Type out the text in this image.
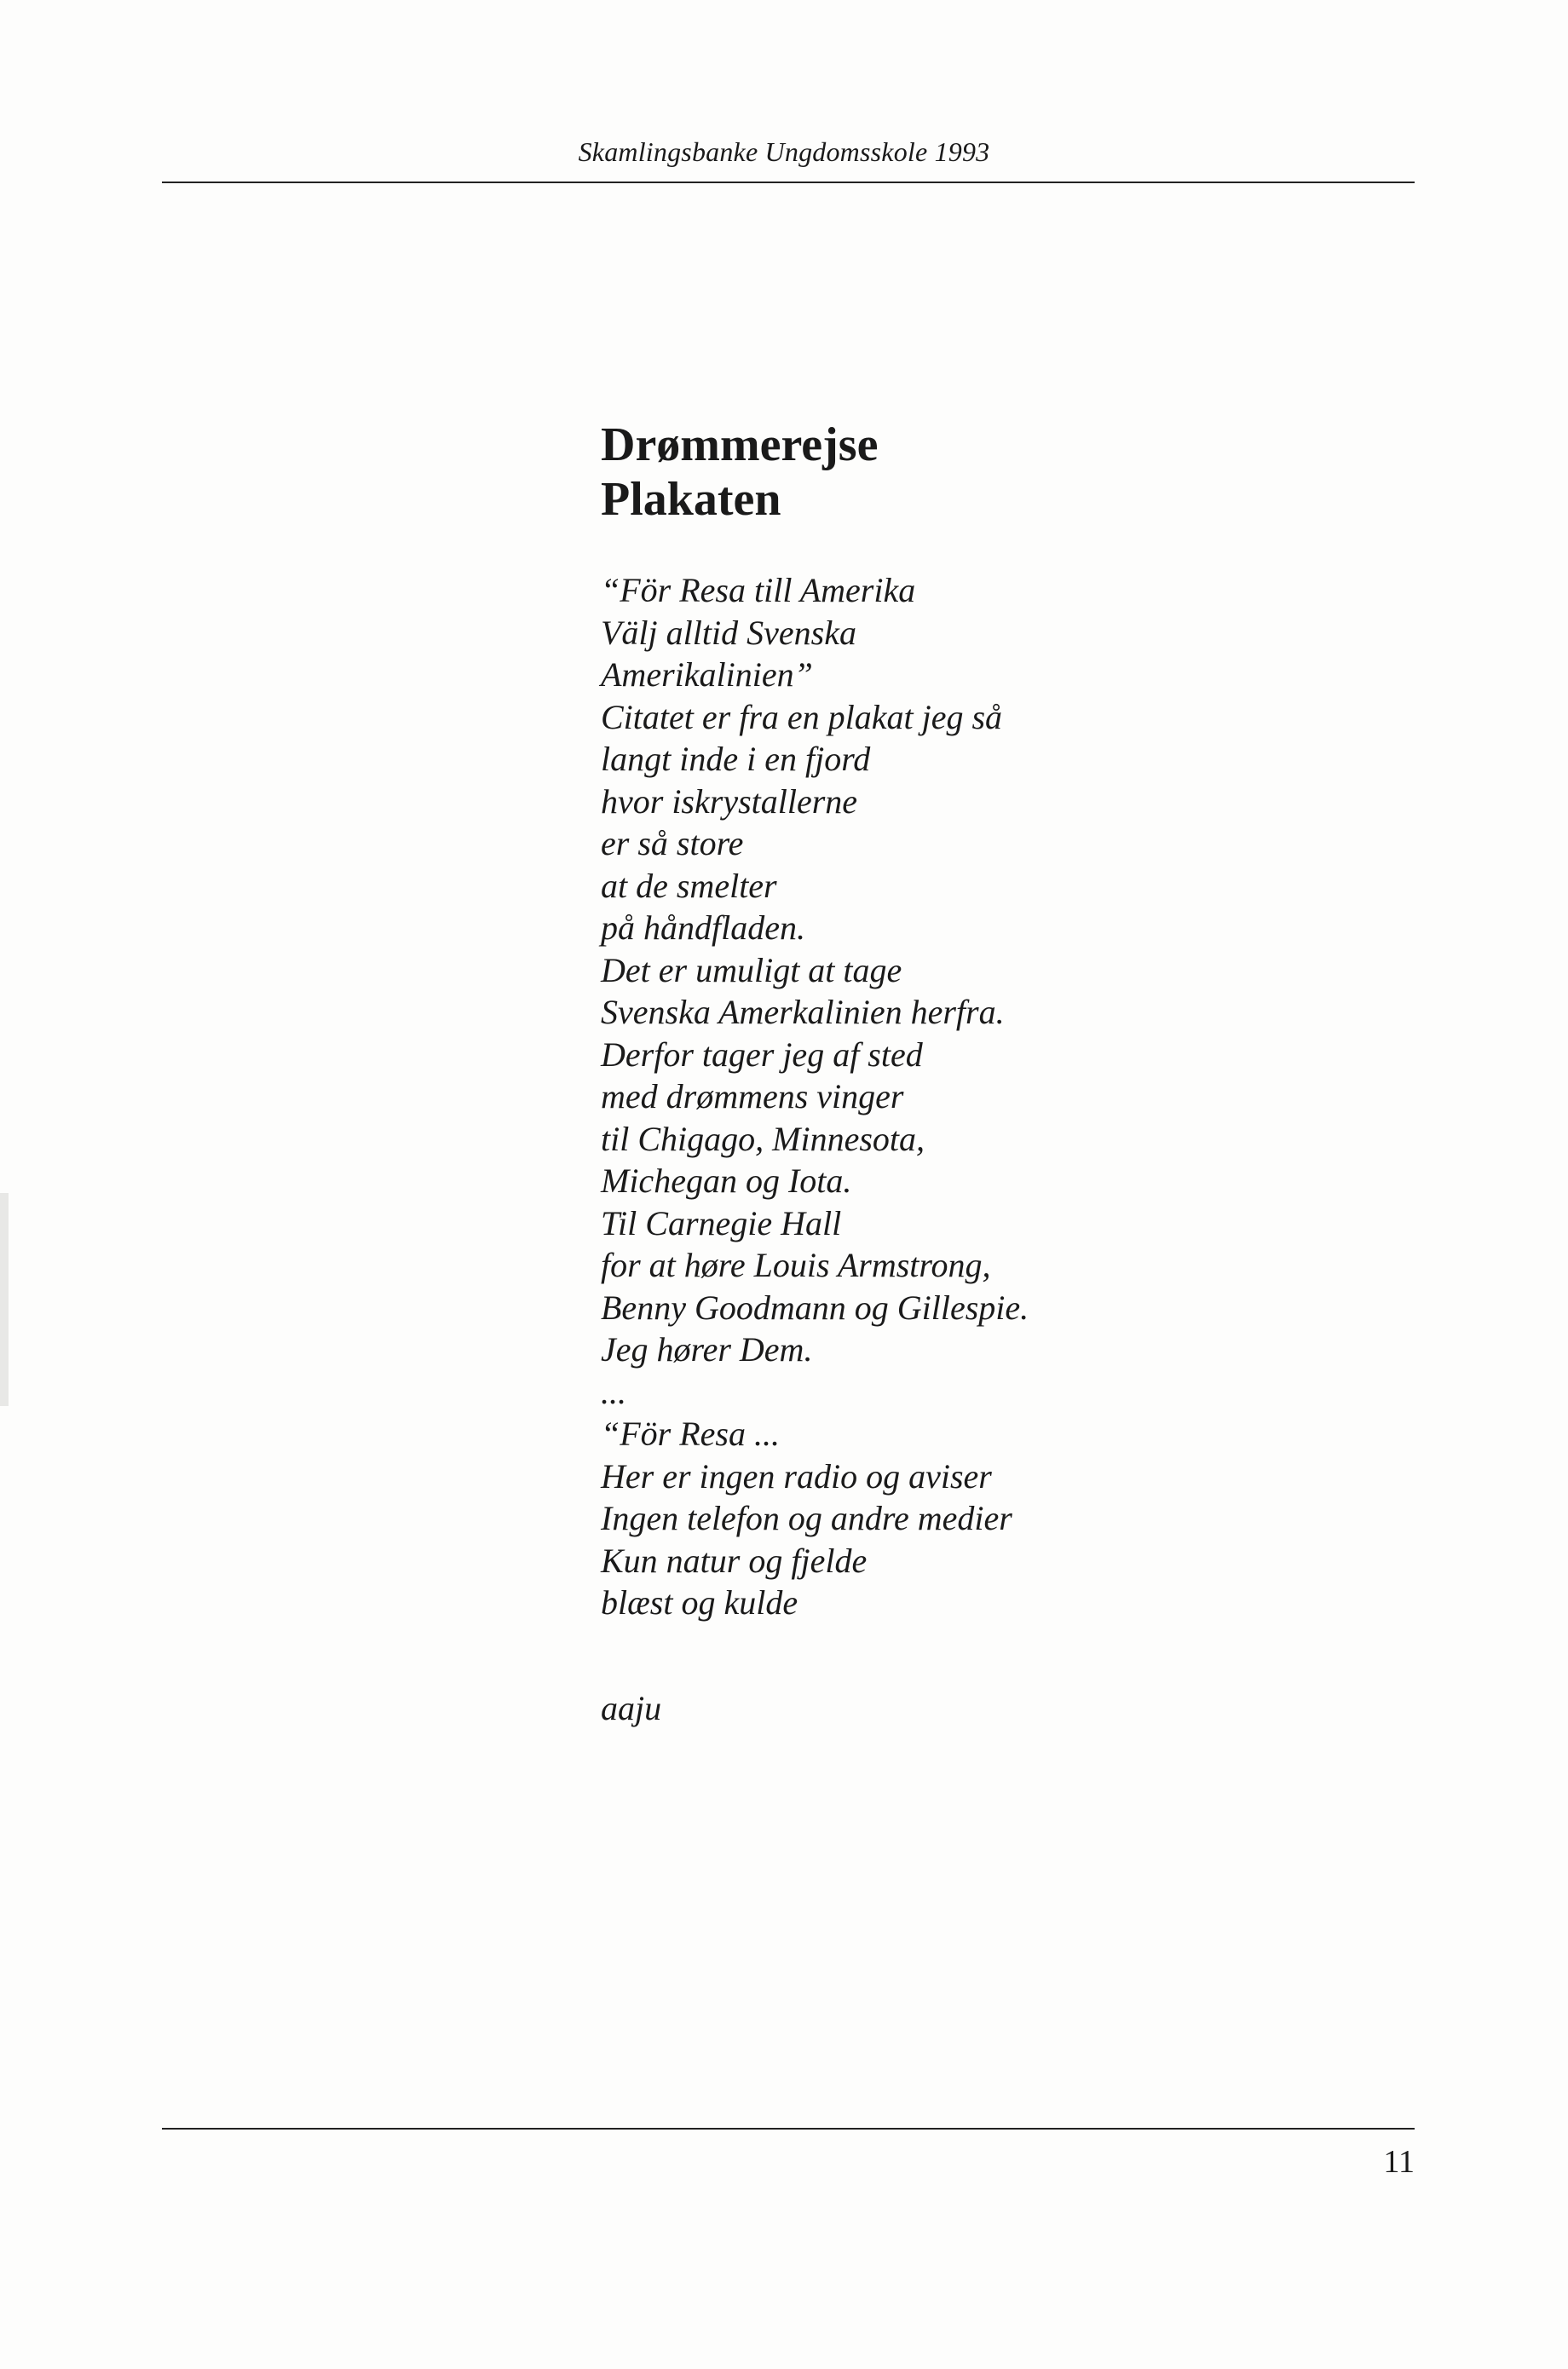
Skamlingsbanke Ungdomsskole 1993
Drømmerejse
Plakaten
“För Resa till Amerika
Välj alltid Svenska
Amerikalinien”
Citatet er fra en plakat jeg så
langt inde i en fjord
hvor iskrystallerne
er så store
at de smelter
på håndfladen.
Det er umuligt at tage
Svenska Amerkalinien herfra.
Derfor tager jeg af sted
med drømmens vinger
til Chigago, Minnesota,
Michegan og Iota.
Til Carnegie Hall
for at høre Louis Armstrong,
Benny Goodmann og Gillespie.
Jeg hører Dem.
...
“För Resa ...
Her er ingen radio og aviser
Ingen telefon og andre medier
Kun natur og fjelde
blæst og kulde
aaju
11
